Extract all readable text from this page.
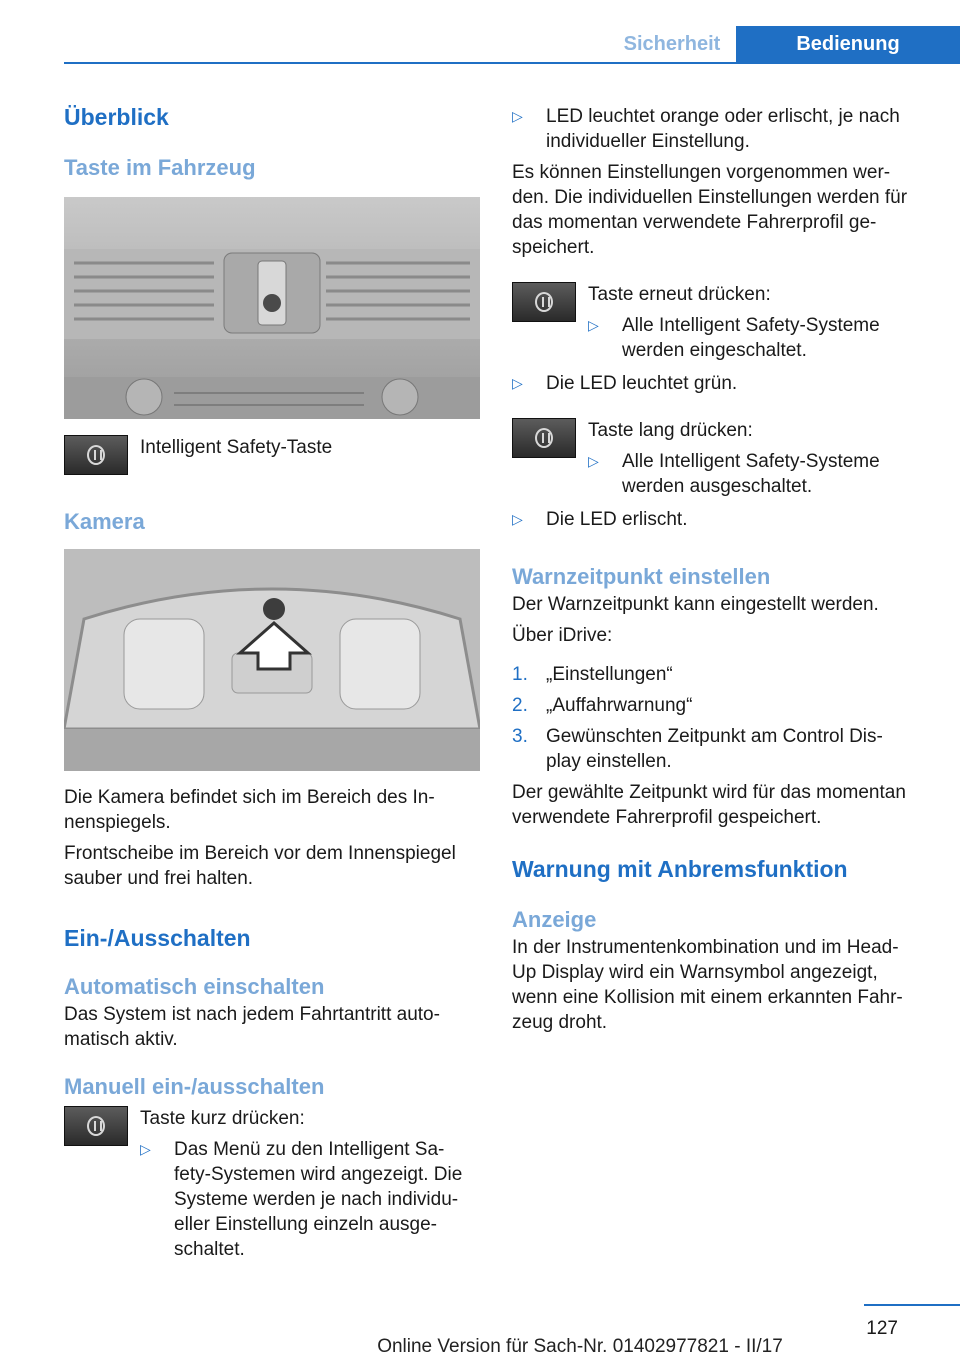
Sicherheit	Bedienung
Überblick
Taste im Fahrzeug

Intelligent Safety-Taste

Kamera

Die Kamera befindet sich im Bereich des In-
nenspiegels.

Frontscheibe im Bereich vor dem Innenspiegel sauber und frei halten.

Ein-/Ausschalten
Automatisch einschalten

Das System ist nach jedem Fahrtantritt auto-
matisch aktiv.

Manuell ein-/ausschalten

Taste kurz drücken:

▷	Das Menü zu den Intelligent Sa-
fety-Systemen wird angezeigt. Die Systeme werden je nach individu-
eller Einstellung einzeln ausge-
schaltet.

▷	LED leuchtet orange oder erlischt, je nach individueller Einstellung.

Es können Einstellungen vorgenommen wer-
den. Die individuellen Einstellungen werden für das momentan verwendete Fahrerprofil ge-
speichert.

Taste erneut drücken:

▷	Alle Intelligent Safety-Systeme werden eingeschaltet.

▷	Die LED leuchtet grün.

Taste lang drücken:

▷	Alle Intelligent Safety-Systeme werden ausgeschaltet.

▷	Die LED erlischt.

Warnzeitpunkt einstellen

Der Warnzeitpunkt kann eingestellt werden.

Über iDrive:

1. „Einstellungen“

2. „Auffahrwarnung“

3. Gewünschten Zeitpunkt am Control Dis-
play einstellen.

Der gewählte Zeitpunkt wird für das momentan verwendete Fahrerprofil gespeichert.

Warnung mit Anbremsfunktion
Anzeige

In der Instrumentenkombination und im Head-
Up Display wird ein Warnsymbol angezeigt, wenn eine Kollision mit einem erkannten Fahr-
zeug droht.

127
Online Version für Sach-Nr. 01402977821 - II/17
